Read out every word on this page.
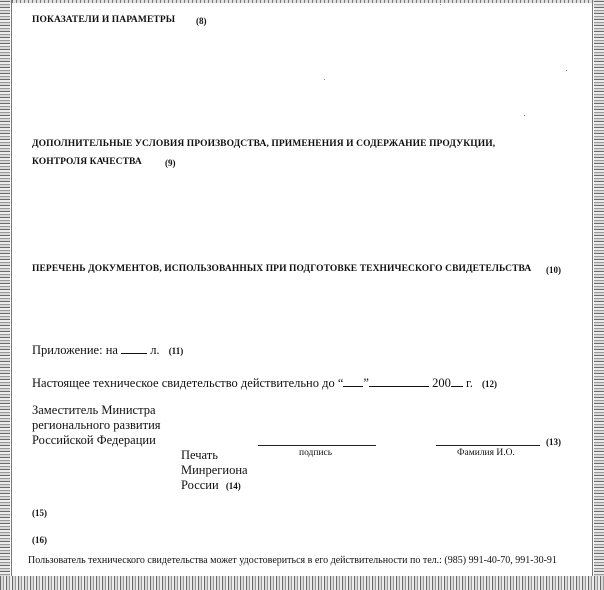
ПОКАЗАТЕЛИ И ПАРАМЕТРЫ (8)
ДОПОЛНИТЕЛЬНЫЕ УСЛОВИЯ ПРОИЗВОДСТВА, ПРИМЕНЕНИЯ И СОДЕРЖАНИЕ ПРОДУКЦИИ,
КОНТРОЛЯ КАЧЕСТВА	(9)
ПЕРЕЧЕНЬ ДОКУМЕНТОВ, ИСПОЛЬЗОВАННЫХ ПРИ ПОДГОТОВКЕ ТЕХНИЧЕСКОГО СВИДЕТЕЛЬСТВА (10)
Приложение: на	л. (11)
Настоящее техническое свидетельство действительно до “ ”	200 г. (12)
Заместитель Министра
регионального развития
Российской Федерации
подпись	Фамилия И.О.
(13)
Печать
Минрегиона
России (14)
(15)
(16)
Пользователь технического свидетельства может удостовериться в его действительности по тел.: (985) 991-40-70, 991-30-91
